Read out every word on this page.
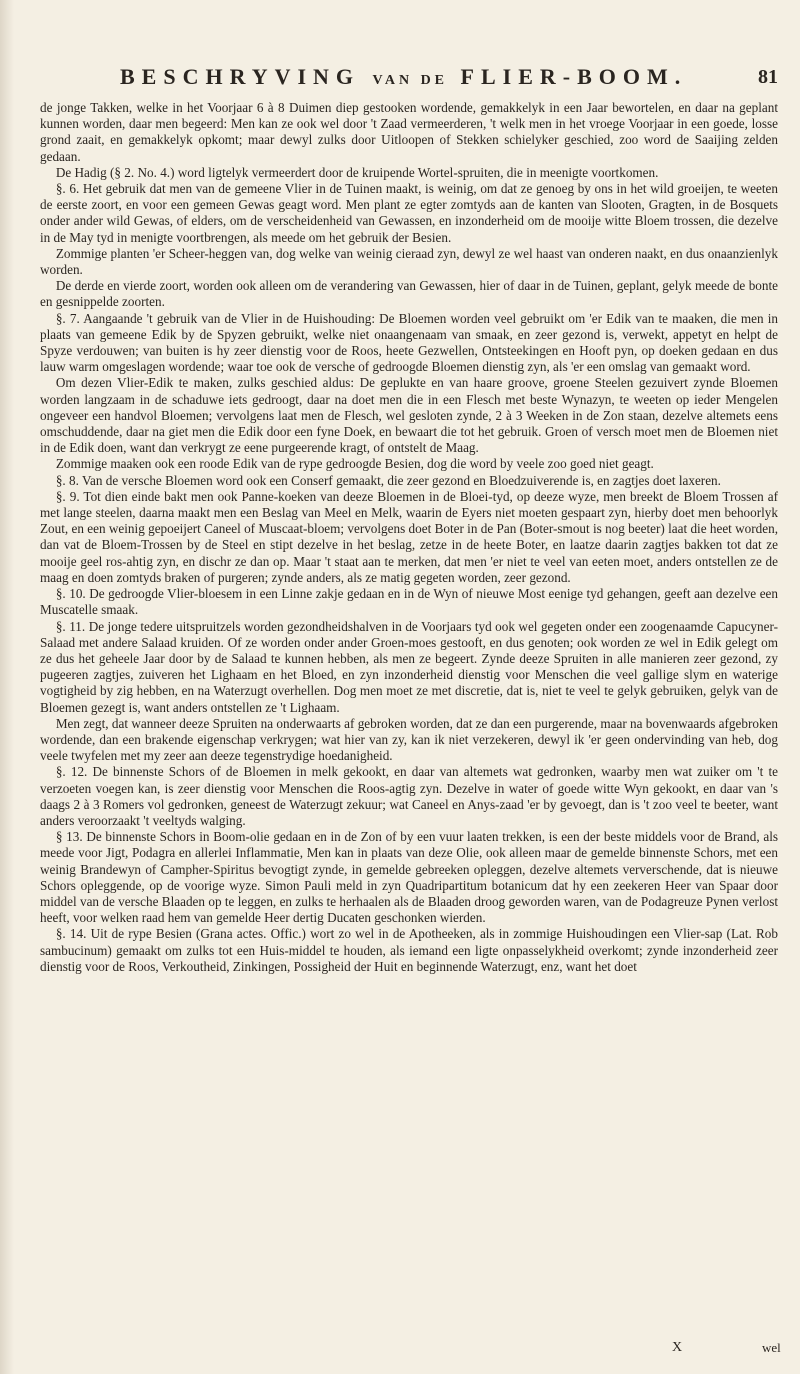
BESCHRYVING VAN DE FLIER-BOOM.	81

de jonge Takken, welke in het Voorjaar 6 à 8 Duimen diep gestooken wordende, gemakkelyk in een Jaar bewortelen, en daar na geplant kunnen worden, daar men begeerd: Men kan ze ook wel door 't Zaad vermeerderen, 't welk men in het vroege Voorjaar in een goede, losse grond zaait, en gemakkelyk opkomt; maar dewyl zulks door Uitloopen of Stekken schielyker geschied, zoo word de Saaijing zelden gedaan.

De Hadig (§ 2. No. 4.) word ligtelyk vermeerdert door de kruipende Wortel-spruiten, die in meenigte voortkomen.

§. 6. Het gebruik dat men van de gemeene Vlier in de Tuinen maakt, is weinig, om dat ze genoeg by ons in het wild groeijen, te weeten de eerste zoort, en voor een gemeen Gewas geagt word. Men plant ze egter zomtyds aan de kanten van Slooten, Gragten, in de Bosquets onder ander wild Gewas, of elders, om de verscheidenheid van Gewassen, en inzonderheid om de mooije witte Bloem trossen, die dezelve in de May tyd in menigte voortbrengen, als meede om het gebruik der Besien.

Zommige planten 'er Scheer-heggen van, dog welke van weinig cieraad zyn, dewyl ze wel haast van onderen naakt, en dus onaanzienlyk worden.

De derde en vierde zoort, worden ook alleen om de verandering van Gewassen, hier of daar in de Tuinen, geplant, gelyk meede de bonte en gesnippelde zoorten.

§. 7. Aangaande 't gebruik van de Vlier in de Huishouding: De Bloemen worden veel gebruikt om 'er Edik van te maaken, die men in plaats van gemeene Edik by de Spyzen gebruikt, welke niet onaangenaam van smaak, en zeer gezond is, verwekt, appetyt en helpt de Spyze verdouwen; van buiten is hy zeer dienstig voor de Roos, heete Gezwellen, Ontsteekingen en Hooft pyn, op doeken gedaan en dus lauw warm omgeslagen wordende; waar toe ook de versche of gedroogde Bloemen dienstig zyn, als 'er een omslag van gemaakt word.

Om dezen Vlier-Edik te maken, zulks geschied aldus: De geplukte en van haare groove, groene Steelen gezuivert zynde Bloemen worden langzaam in de schaduwe iets gedroogt, daar na doet men die in een Flesch met beste Wynazyn, te weeten op ieder Mengelen ongeveer een handvol Bloemen; vervolgens laat men de Flesch, wel gesloten zynde, 2 à 3 Weeken in de Zon staan, dezelve altemets eens omschuddende, daar na giet men die Edik door een fyne Doek, en bewaart die tot het gebruik. Groen of versch moet men de Bloemen niet in de Edik doen, want dan verkrygt ze eene purgeerende kragt, of ontstelt de Maag.

Zommige maaken ook een roode Edik van de rype gedroogde Besien, dog die word by veele zoo goed niet geagt.

§. 8. Van de versche Bloemen word ook een Conserf gemaakt, die zeer gezond en Bloedzuiverende is, en zagtjes doet laxeren.

§. 9. Tot dien einde bakt men ook Panne-koeken van deeze Bloemen in de Bloei-tyd, op deeze wyze, men breekt de Bloem Trossen af met lange steelen, daarna maakt men een Beslag van Meel en Melk, waarin de Eyers niet moeten gespaart zyn, hierby doet men behoorlyk Zout, en een weinig gepoeijert Caneel of Muscaat-bloem; vervolgens doet Boter in de Pan (Boter-smout is nog beeter) laat die heet worden, dan vat de Bloem-Trossen by de Steel en stipt dezelve in het beslag, zetze in de heete Boter, en laatze daarin zagtjes bakken tot dat ze mooije geel ros-ahtig zyn, en dischr ze dan op. Maar 't staat aan te merken, dat men 'er niet te veel van eeten moet, anders ontstellen ze de maag en doen zomtyds braken of purgeren; zynde anders, als ze matig gegeten worden, zeer gezond.

§. 10. De gedroogde Vlier-bloesem in een Linne zakje gedaan en in de Wyn of nieuwe Most eenige tyd gehangen, geeft aan dezelve een Muscatelle smaak.

§. 11. De jonge tedere uitspruitzels worden gezondheidshalven in de Voorjaars tyd ook wel gegeten onder een zoogenaamde Capucyner-Salaad met andere Salaad kruiden. Of ze worden onder ander Groen-moes gestooft, en dus genoten; ook worden ze wel in Edik gelegt om ze dus het geheele Jaar door by de Salaad te kunnen hebben, als men ze begeert. Zynde deeze Spruiten in alle manieren zeer gezond, zy pugeeren zagtjes, zuiveren het Lighaam en het Bloed, en zyn inzonderheid dienstig voor Menschen die veel gallige slym en waterige vogtigheid by zig hebben, en na Waterzugt overhellen. Dog men moet ze met discretie, dat is, niet te veel te gelyk gebruiken, gelyk van de Bloemen gezegt is, want anders ontstellen ze 't Lighaam.

Men zegt, dat wanneer deeze Spruiten na onderwaarts af gebroken worden, dat ze dan een purgerende, maar na bovenwaards afgebroken wordende, dan een brakende eigenschap verkrygen; wat hier van zy, kan ik niet verzekeren, dewyl ik 'er geen ondervinding van heb, dog veele twyfelen met my zeer aan deeze tegenstrydige hoedanigheid.

§. 12. De binnenste Schors of de Bloemen in melk gekookt, en daar van altemets wat gedronken, waarby men wat zuiker om 't te verzoeten voegen kan, is zeer dienstig voor Menschen die Roos-agtig zyn. Dezelve in water of goede witte Wyn gekookt, en daar van 's daags 2 à 3 Romers vol gedronken, geneest de Waterzugt zekuur; wat Caneel en Anys-zaad 'er by gevoegt, dan is 't zoo veel te beeter, want anders veroorzaakt 't veeltyds walging.

§ 13. De binnenste Schors in Boom-olie gedaan en in de Zon of by een vuur laaten trekken, is een der beste middels voor de Brand, als meede voor Jigt, Podagra en allerlei Inflammatie, Men kan in plaats van deze Olie, ook alleen maar de gemelde binnenste Schors, met een weinig Brandewyn of Campher-Spiritus bevogtigt zynde, in gemelde gebreeken opleggen, dezelve altemets ververschende, dat is nieuwe Schors opleggende, op de voorige wyze. Simon Pauli meld in zyn Quadripartitum botanicum dat hy een zeekeren Heer van Spaar door middel van de versche Blaaden op te leggen, en zulks te herhaalen als de Blaaden droog geworden waren, van de Podagreuze Pynen verlost heeft, voor welken raad hem van gemelde Heer dertig Ducaten geschonken wierden.

§. 14. Uit de rype Besien (Grana actes. Offic.) wort zo wel in de Apotheeken, als in zommige Huishoudingen een Vlier-sap (Lat. Rob sambucinum) gemaakt om zulks tot een Huis-middel te houden, als iemand een ligte onpasselykheid overkomt; zynde inzonderheid zeer dienstig voor de Roos, Verkoutheid, Zinkingen, Possigheid der Huit en beginnende Waterzugt, enz, want het doet

X	wel
